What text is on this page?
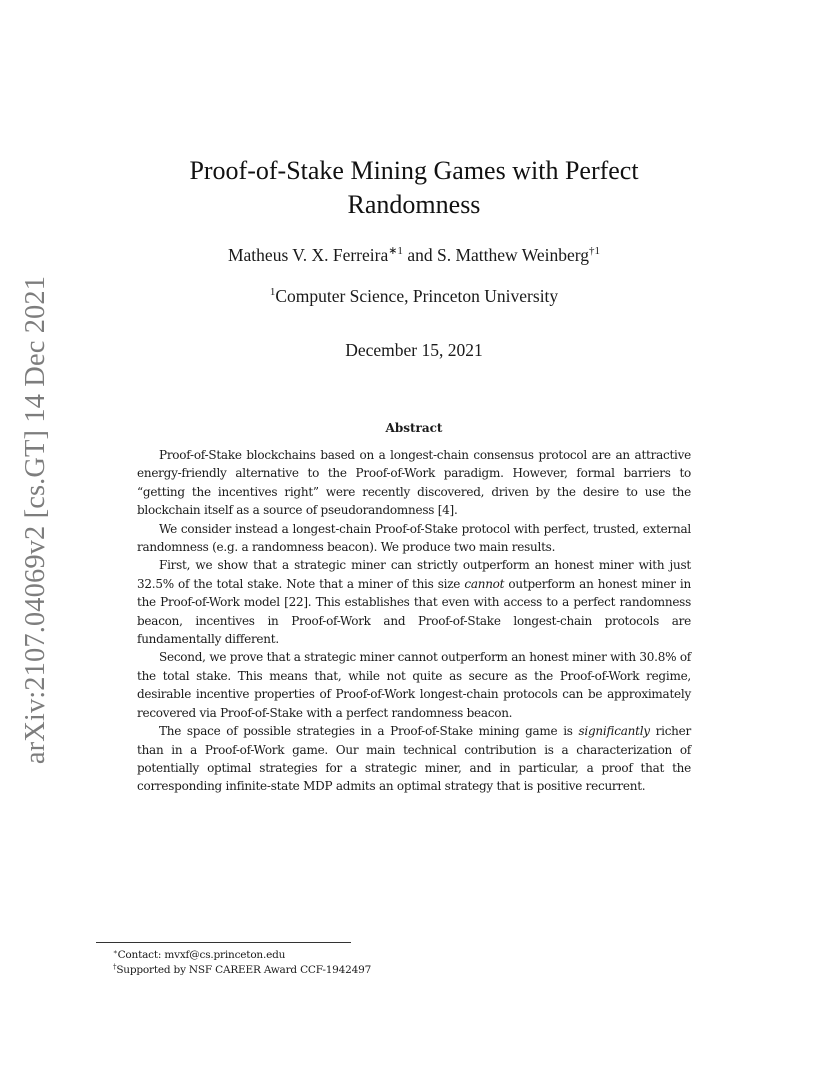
arXiv:2107.04069v2 [cs.GT] 14 Dec 2021
Proof-of-Stake Mining Games with Perfect Randomness
Matheus V. X. Ferreira$^{∗1}$ and S. Matthew Weinberg$^{\dagger 1}$
$^1$Computer Science, Princeton University
December 15, 2021
Abstract

Proof-of-Stake blockchains based on a longest-chain consensus protocol are an attractive energy-friendly alternative to the Proof-of-Work paradigm. However, formal barriers to “getting the incentives right” were recently discovered, driven by the desire to use the blockchain itself as a source of pseudorandomness [4].

We consider instead a longest-chain Proof-of-Stake protocol with perfect, trusted, external randomness (e.g. a randomness beacon). We produce two main results.

First, we show that a strategic miner can strictly outperform an honest miner with just 32.5% of the total stake. Note that a miner of this size cannot outperform an honest miner in the Proof-of-Work model [22]. This establishes that even with access to a perfect randomness beacon, incentives in Proof-of-Work and Proof-of-Stake longest-chain protocols are fundamentally different.

Second, we prove that a strategic miner cannot outperform an honest miner with 30.8% of the total stake. This means that, while not quite as secure as the Proof-of-Work regime, desirable incentive properties of Proof-of-Work longest-chain protocols can be approximately recovered via Proof-of-Stake with a perfect randomness beacon.

The space of possible strategies in a Proof-of-Stake mining game is significantly richer than in a Proof-of-Work game. Our main technical contribution is a characterization of potentially optimal strategies for a strategic miner, and in particular, a proof that the corresponding infinite-state MDP admits an optimal strategy that is positive recurrent.

∗Contact: mvxf@cs.princeton.edu
†Supported by NSF CAREER Award CCF-1942497
